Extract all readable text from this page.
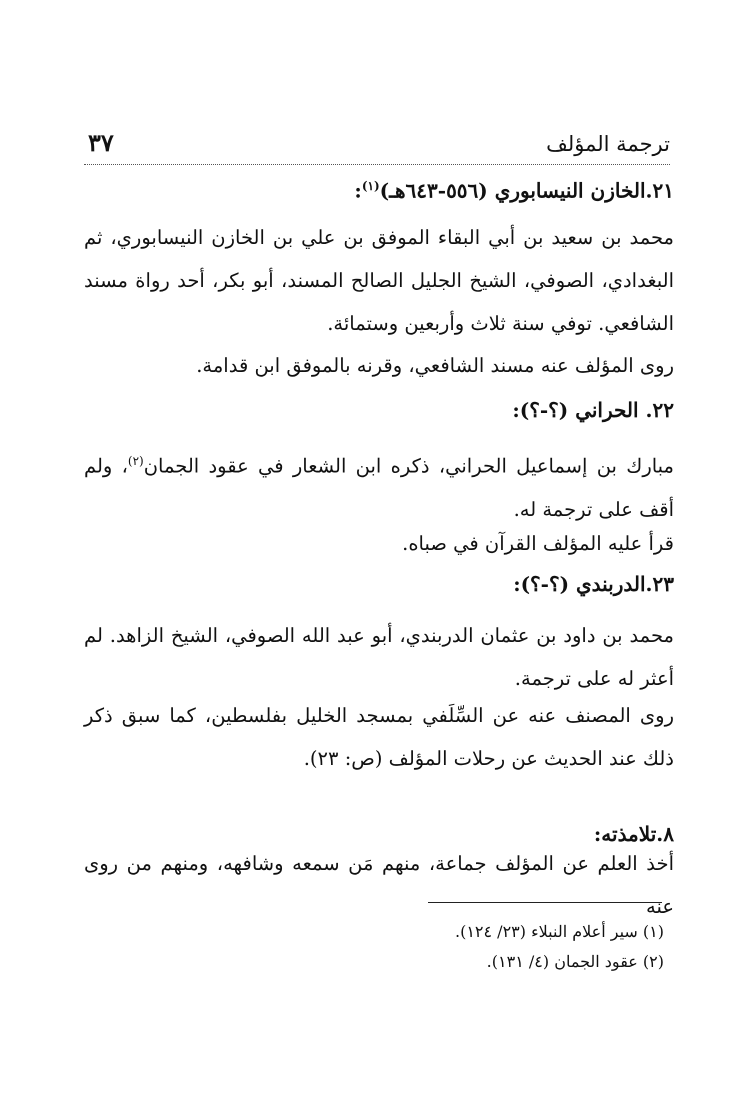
ترجمة المؤلف
٣٧
٢١.الخازن النيسابوري (٥٥٦-٦٤٣هـ)$^{(١)}$:

محمد بن سعيد بن أبي البقاء الموفق بن علي بن الخازن النيسابوري، ثم البغدادي، الصوفي، الشيخ الجليل الصالح المسند، أبو بكر، أحد رواة مسند الشافعي. توفي سنة ثلاث وأربعين وستمائة.

روى المؤلف عنه مسند الشافعي، وقرنه بالموفق ابن قدامة.

٢٢. الحراني (؟-؟):

مبارك بن إسماعيل الحراني، ذكره ابن الشعار في عقود الجمان$^{(٢)}$، ولم أقف على ترجمة له.

قرأ عليه المؤلف القرآن في صباه.

٢٣.الدربندي (؟-؟):

محمد بن داود بن عثمان الدربندي، أبو عبد الله الصوفي، الشيخ الزاهد. لم أعثر له على ترجمة.

روى المصنف عنه عن السِّلَفي بمسجد الخليل بفلسطين، كما سبق ذكر ذلك عند الحديث عن رحلات المؤلف (ص: ٢٣).

٨.تلامذته:

أخذ العلم عن المؤلف جماعة، منهم مَن سمعه وشافهه، ومنهم من روى عنه

(١) سير أعلام النبلاء (٢٣/ ١٢٤).
(٢) عقود الجمان (٤/ ١٣١).
